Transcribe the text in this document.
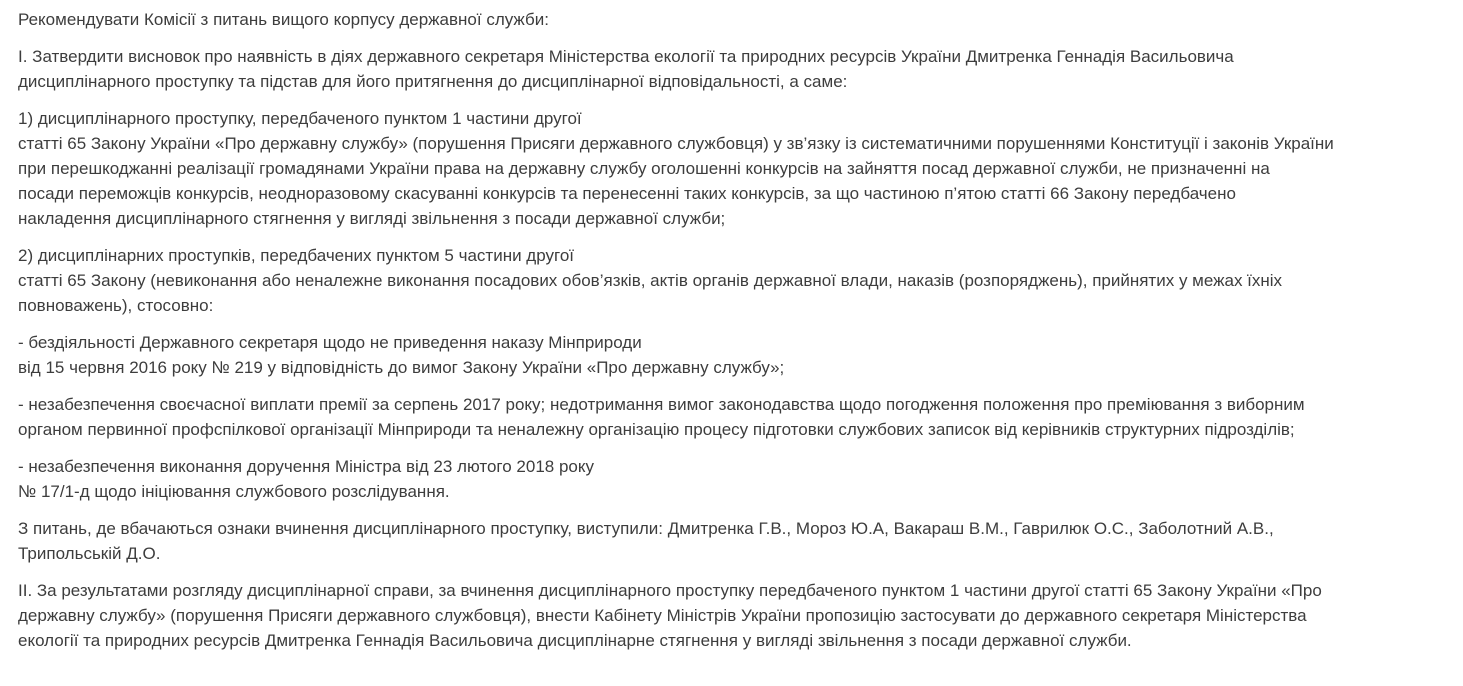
Рекомендувати Комісії з питань вищого корпусу державної служби:

І. Затвердити висновок про наявність в діях державного секретаря Міністерства екології та природних ресурсів України Дмитренка Геннадія Васильовича
дисциплінарного проступку та підстав для його притягнення до дисциплінарної відповідальності, а саме:

1) дисциплінарного проступку, передбаченого пунктом 1 частини другої
статті 65 Закону України «Про державну службу» (порушення Присяги державного службовця) у зв’язку із систематичними порушеннями Конституції і законів України
при перешкоджанні реалізації громадянами України права на державну службу оголошенні конкурсів на зайняття посад державної служби, не призначенні на
посади переможців конкурсів, неодноразовому скасуванні конкурсів та перенесенні таких конкурсів, за що частиною п’ятою статті 66 Закону передбачено
накладення дисциплінарного стягнення у вигляді звільнення з посади державної служби;

2) дисциплінарних проступків, передбачених пунктом 5 частини другої
статті 65 Закону (невиконання або неналежне виконання посадових обов’язків, актів органів державної влади, наказів (розпоряджень), прийнятих у межах їхніх
повноважень), стосовно:

- бездіяльності Державного секретаря щодо не приведення наказу Мінприроди
від 15 червня 2016 року № 219 у відповідність до вимог Закону України «Про державну службу»;

- незабезпечення своєчасної виплати премії за серпень 2017 року; недотримання вимог законодавства щодо погодження положення про преміювання з виборним
органом первинної профспілкової організації Мінприроди та неналежну організацію процесу підготовки службових записок від керівників структурних підрозділів;

- незабезпечення виконання доручення Міністра від 23 лютого 2018 року
№ 17/1-д щодо ініціювання службового розслідування.

З питань, де вбачаються ознаки вчинення дисциплінарного проступку, виступили: Дмитренка Г.В., Мороз Ю.А, Вакараш В.М., Гаврилюк О.С., Заболотний А.В.,
Трипольськiй Д.О.

ІІ. За результатами розгляду дисциплінарної справи, за вчинення дисциплінарного проступку передбаченого пунктом 1 частини другої статті 65 Закону України «Про
державну службу» (порушення Присяги державного службовця), внести Кабінету Міністрів України пропозицію застосувати до державного секретаря Міністерства
екології та природних ресурсів Дмитренка Геннадія Васильовича дисциплінарне стягнення у вигляді звільнення з посади державної служби.
